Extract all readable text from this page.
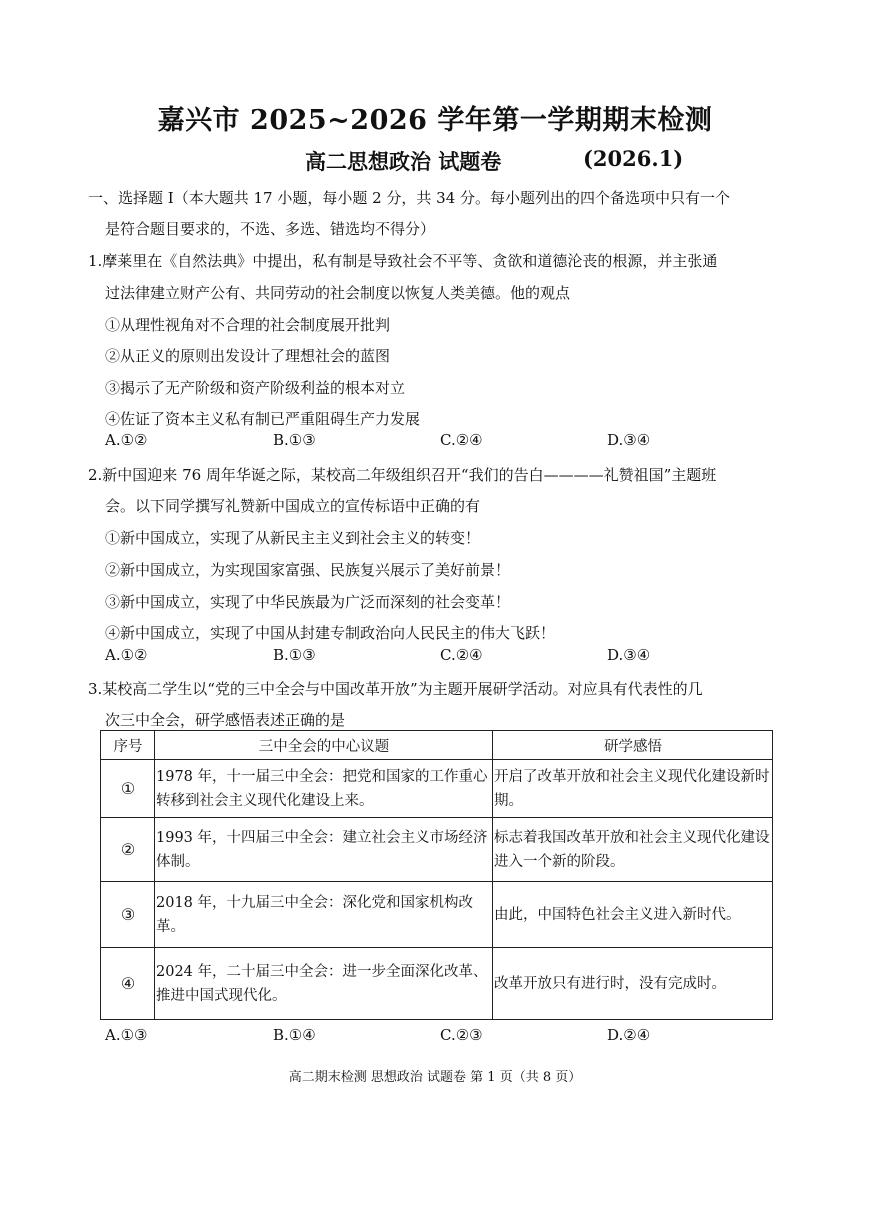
嘉兴市 2025~2026 学年第一学期期末检测
高二思想政治 试题卷	(2026.1)
一、选择题 I（本大题共 17 小题，每小题 2 分，共 34 分。每小题列出的四个备选项中只有一个
是符合题目要求的，不选、多选、错选均不得分）
1.摩莱里在《自然法典》中提出，私有制是导致社会不平等、贪欲和道德沦丧的根源，并主张通
过法律建立财产公有、共同劳动的社会制度以恢复人类美德。他的观点
①从理性视角对不合理的社会制度展开批判
②从正义的原则出发设计了理想社会的蓝图
③揭示了无产阶级和资产阶级利益的根本对立
④佐证了资本主义私有制已严重阻碍生产力发展
A.①②	B.①③	C.②④	D.③④
2.新中国迎来 76 周年华诞之际，某校高二年级组织召开“我们的告白————礼赞祖国”主题班
会。以下同学撰写礼赞新中国成立的宣传标语中正确的有
①新中国成立，实现了从新民主主义到社会主义的转变！
②新中国成立，为实现国家富强、民族复兴展示了美好前景！
③新中国成立，实现了中华民族最为广泛而深刻的社会变革！
④新中国成立，实现了中国从封建专制政治向人民民主的伟大飞跃！
A.①②	B.①③	C.②④	D.③④
3.某校高二学生以“党的三中全会与中国改革开放”为主题开展研学活动。对应具有代表性的几
次三中全会，研学感悟表述正确的是
序号	三中全会的中心议题	研学感悟
①	1978 年，十一届三中全会：把党和国家的工作重心转移到社会主义现代化建设上来。	开启了改革开放和社会主义现代化建设新时期。
②	1993 年，十四届三中全会：建立社会主义市场经济体制。	标志着我国改革开放和社会主义现代化建设进入一个新的阶段。
③	2018 年，十九届三中全会：深化党和国家机构改革。	由此，中国特色社会主义进入新时代。
④	2024 年，二十届三中全会：进一步全面深化改革、推进中国式现代化。	改革开放只有进行时，没有完成时。
A.①③	B.①④	C.②③	D.②④
高二期末检测 思想政治 试题卷 第 1 页（共 8 页）
